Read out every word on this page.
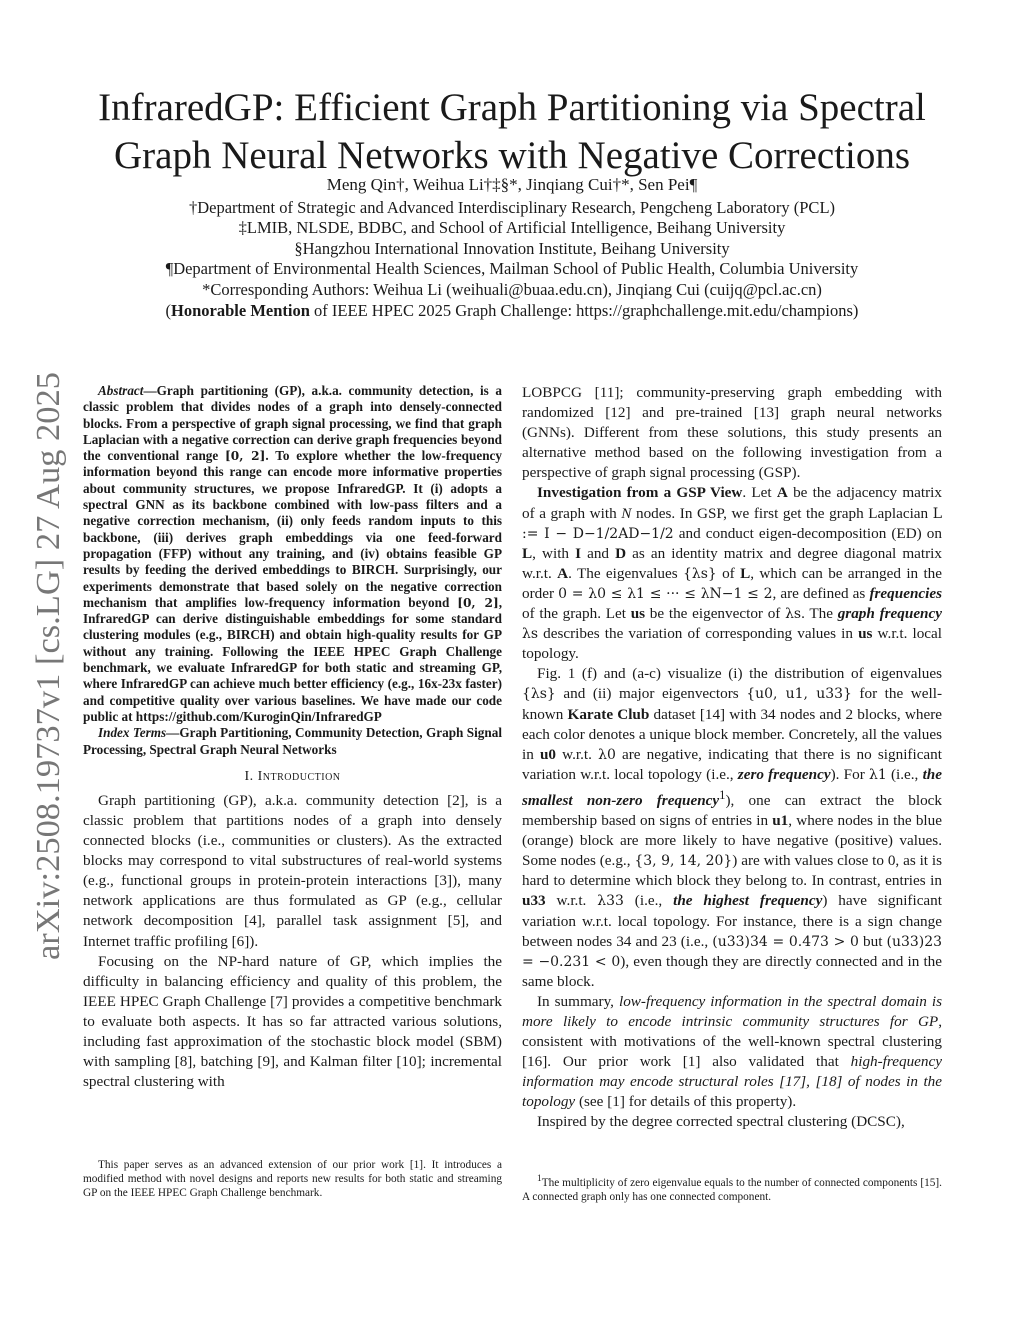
InfraredGP: Efficient Graph Partitioning via Spectral
Graph Neural Networks with Negative Corrections
Meng Qin†, Weihua Li†‡§*, Jinqiang Cui†*, Sen Pei¶
†Department of Strategic and Advanced Interdisciplinary Research, Pengcheng Laboratory (PCL)
‡LMIB, NLSDE, BDBC, and School of Artificial Intelligence, Beihang University
§Hangzhou International Innovation Institute, Beihang University
¶Department of Environmental Health Sciences, Mailman School of Public Health, Columbia University
*Corresponding Authors: Weihua Li (weihuali@buaa.edu.cn), Jinqiang Cui (cuijq@pcl.ac.cn)
(Honorable Mention of IEEE HPEC 2025 Graph Challenge: https://graphchallenge.mit.edu/champions)
arXiv:2508.19737v1 [cs.LG] 27 Aug 2025	Abstract—Graph partitioning (GP), a.k.a. community detection, is a classic problem that divides nodes of a graph into densely-connected blocks. From a perspective of graph signal processing, we find that graph Laplacian with a negative correction can derive graph frequencies beyond the conventional range [0, 2]. To explore whether the low-frequency information beyond this range can encode more informative properties about community structures, we propose InfraredGP. It (i) adopts a spectral GNN as its backbone combined with low-pass filters and a negative correction mechanism, (ii) only feeds random inputs to this backbone, (iii) derives graph embeddings via one feed-forward propagation (FFP) without any training, and (iv) obtains feasible GP results by feeding the derived embeddings to BIRCH. Surprisingly, our experiments demonstrate that based solely on the negative correction mechanism that amplifies low-frequency information beyond [0, 2], InfraredGP can derive distinguishable embeddings for some standard clustering modules (e.g., BIRCH) and obtain high-quality results for GP without any training. Following the IEEE HPEC Graph Challenge benchmark, we evaluate InfraredGP for both static and streaming GP, where InfraredGP can achieve much better efficiency (e.g., 16x-23x faster) and competitive quality over various baselines. We have made our code public at https://github.com/KuroginQin/InfraredGP

Index Terms—Graph Partitioning, Community Detection, Graph Signal Processing, Spectral Graph Neural Networks

I. Introduction

Graph partitioning (GP), a.k.a. community detection [2], is a classic problem that partitions nodes of a graph into densely connected blocks (i.e., communities or clusters). As the extracted blocks may correspond to vital substructures of real-world systems (e.g., functional groups in protein-protein interactions [3]), many network applications are thus formulated as GP (e.g., cellular network decomposition [4], parallel task assignment [5], and Internet traffic profiling [6]).

Focusing on the NP-hard nature of GP, which implies the difficulty in balancing efficiency and quality of this problem, the IEEE HPEC Graph Challenge [7] provides a competitive benchmark to evaluate both aspects. It has so far attracted various solutions, including fast approximation of the stochastic block model (SBM) with sampling [8], batching [9], and Kalman filter [10]; incremental spectral clustering with

This paper serves as an advanced extension of our prior work [1]. It introduces a modified method with novel designs and reports new results for both static and streaming GP on the IEEE HPEC Graph Challenge benchmark.

LOBPCG [11]; community-preserving graph embedding with randomized [12] and pre-trained [13] graph neural networks (GNNs). Different from these solutions, this study presents an alternative method based on the following investigation from a perspective of graph signal processing (GSP).

Investigation from a GSP View. Let A be the adjacency matrix of a graph with N nodes. In GSP, we first get the graph Laplacian L := I − D−1/2AD−1/2 and conduct eigen-decomposition (ED) on L, with I and D as an identity matrix and degree diagonal matrix w.r.t. A. The eigenvalues {λs} of L, which can be arranged in the order 0 = λ0 ≤ λ1 ≤ ··· ≤ λN−1 ≤ 2, are defined as frequencies of the graph. Let us be the eigenvector of λs. The graph frequency λs describes the variation of corresponding values in us w.r.t. local topology.

Fig. 1 (f) and (a-c) visualize (i) the distribution of eigenvalues {λs} and (ii) major eigenvectors {u0, u1, u33} for the well-known Karate Club dataset [14] with 34 nodes and 2 blocks, where each color denotes a unique block member. Concretely, all the values in u0 w.r.t. λ0 are negative, indicating that there is no significant variation w.r.t. local topology (i.e., zero frequency). For λ1 (i.e., the smallest non-zero frequency$^1$), one can extract the block membership based on signs of entries in u1, where nodes in the blue (orange) block are more likely to have negative (positive) values. Some nodes (e.g., {3, 9, 14, 20}) are with values close to 0, as it is hard to determine which block they belong to. In contrast, entries in u33 w.r.t. λ33 (i.e., the highest frequency) have significant variation w.r.t. local topology. For instance, there is a sign change between nodes 34 and 23 (i.e., (u33)34 = 0.473 > 0 but (u33)23 = −0.231 < 0), even though they are directly connected and in the same block.

In summary, low-frequency information in the spectral domain is more likely to encode intrinsic community structures for GP, consistent with motivations of the well-known spectral clustering [16]. Our prior work [1] also validated that high-frequency information may encode structural roles [17], [18] of nodes in the topology (see [1] for details of this property).

Inspired by the degree corrected spectral clustering (DCSC),

$^1$The multiplicity of zero eigenvalue equals to the number of connected components [15]. A connected graph only has one connected component.
